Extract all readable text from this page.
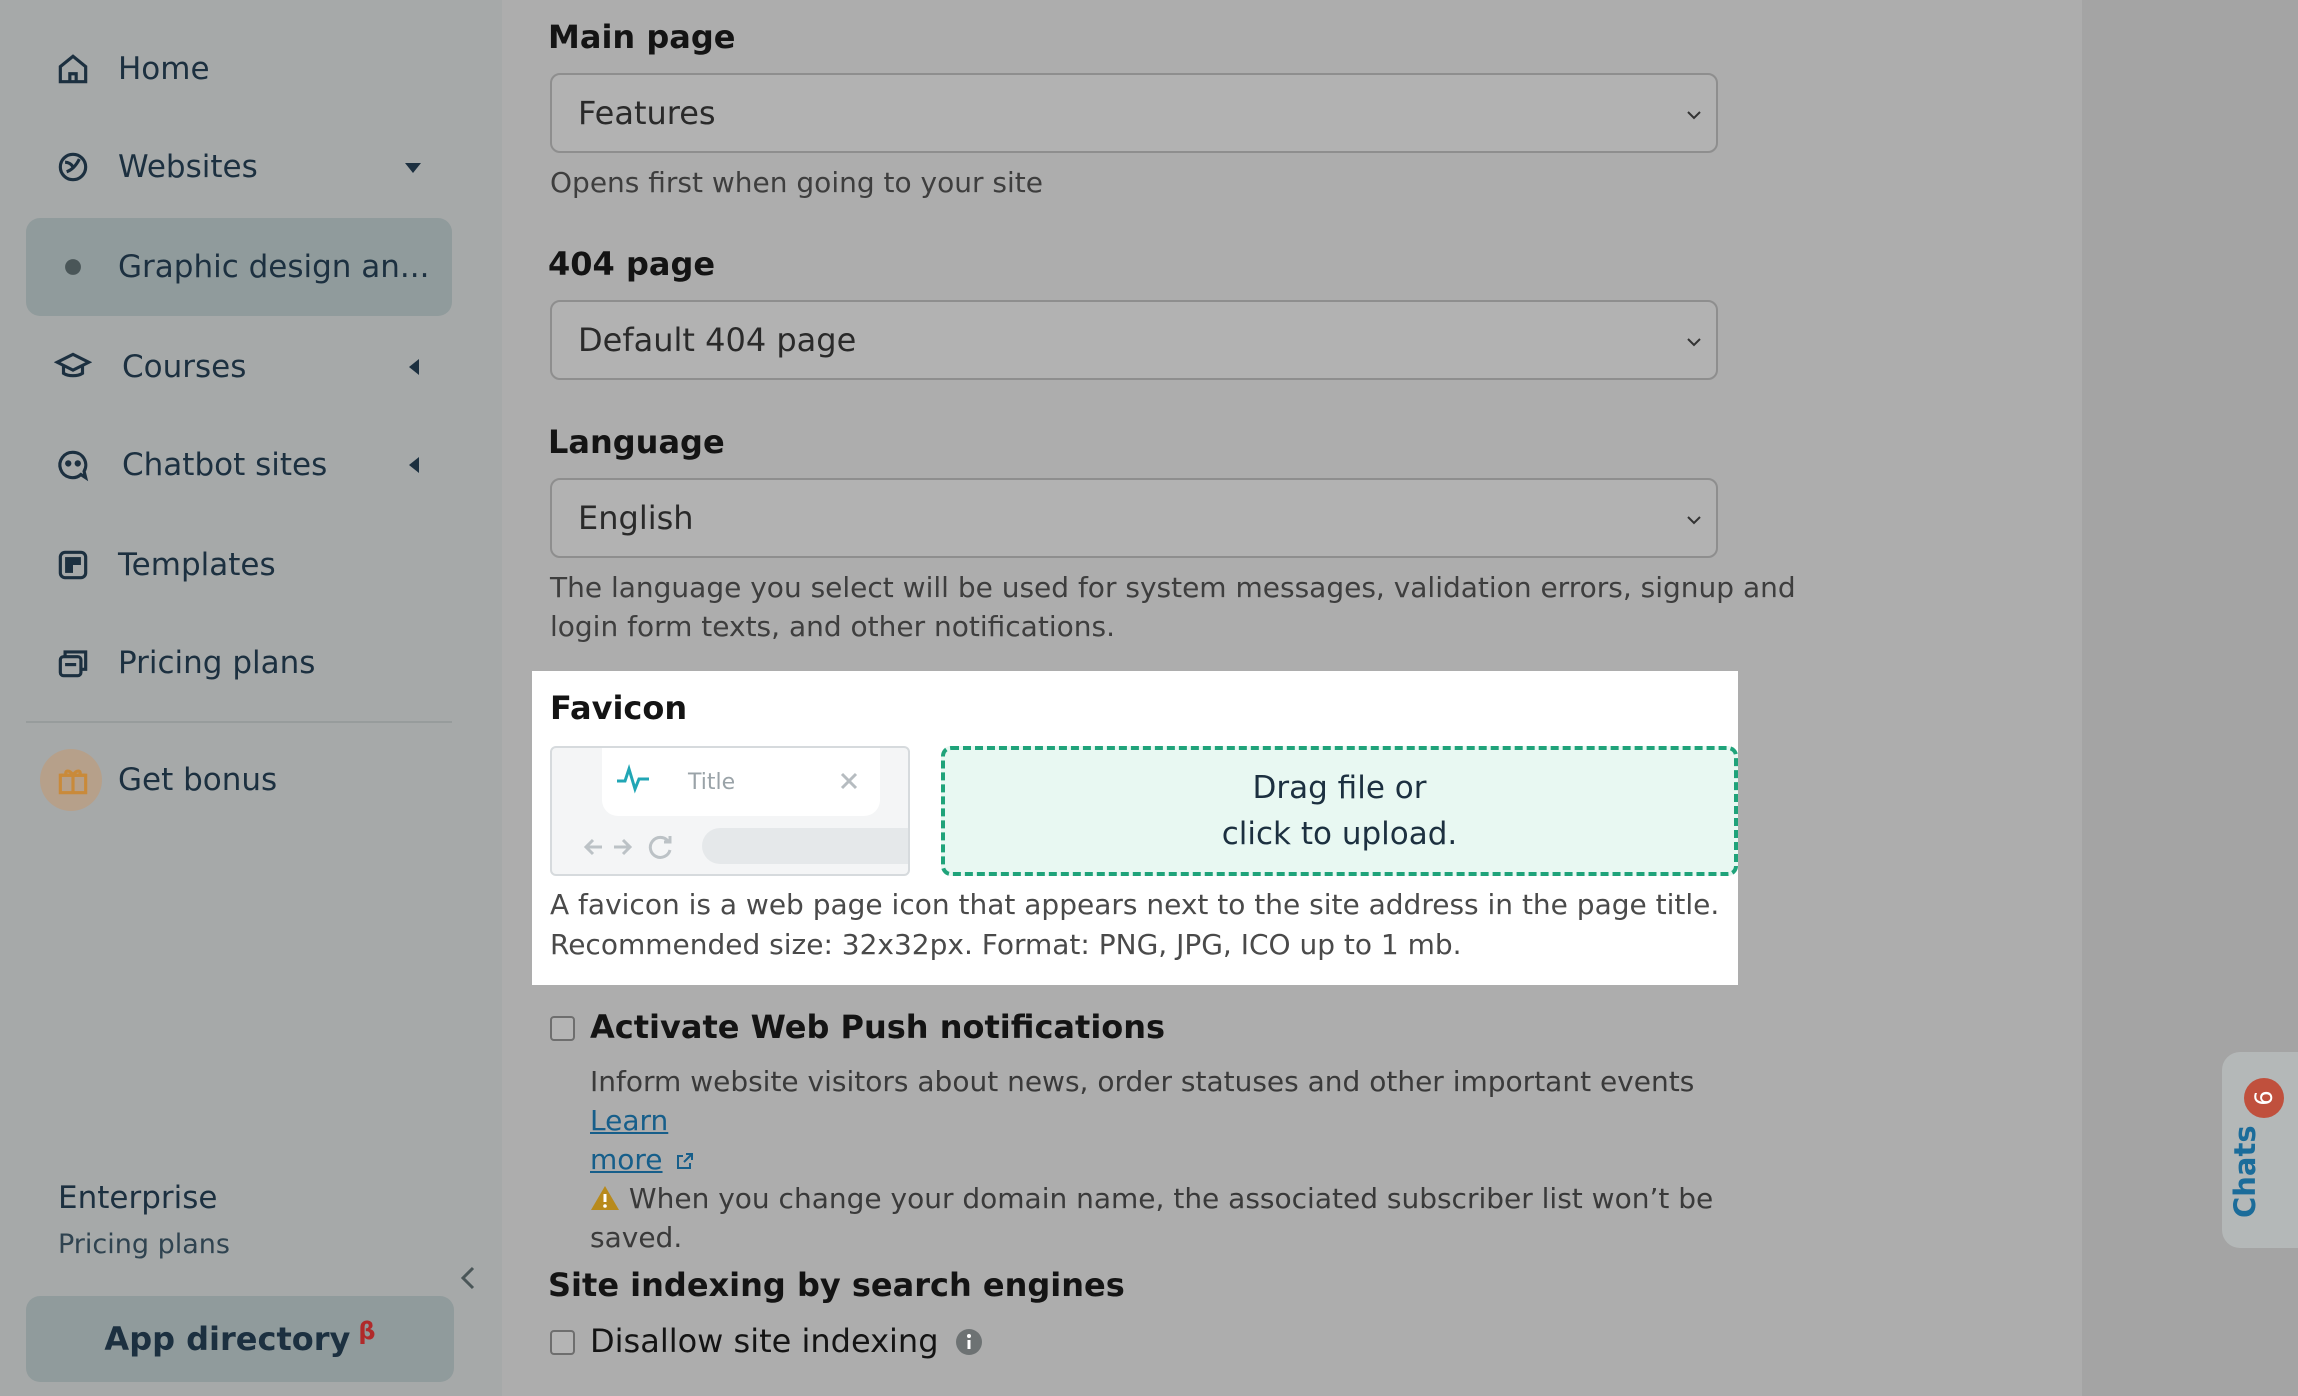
Home
Websites
Graphic design an...
Courses
Chatbot sites
Templates
Pricing plans
Get bonus
Enterprise
Pricing plans
App directory $^\beta$
Main page
Features
Opens first when going to your site
404 page
Default 404 page
Language
English
The language you select will be used for system messages, validation errors, signup and
login form texts, and other notifications.
Favicon
Title	Drag file or
click to upload.
A favicon is a web page icon that appears next to the site address in the page title.
Recommended size: 32x32px. Format: PNG, JPG, ICO up to 1 mb.
Activate Web Push notifications
Inform website visitors about news, order statuses and other important events Learn
more
When you change your domain name, the associated subscriber list won’t be
saved.
Site indexing by search engines
Disallow site indexing
6
Chats
